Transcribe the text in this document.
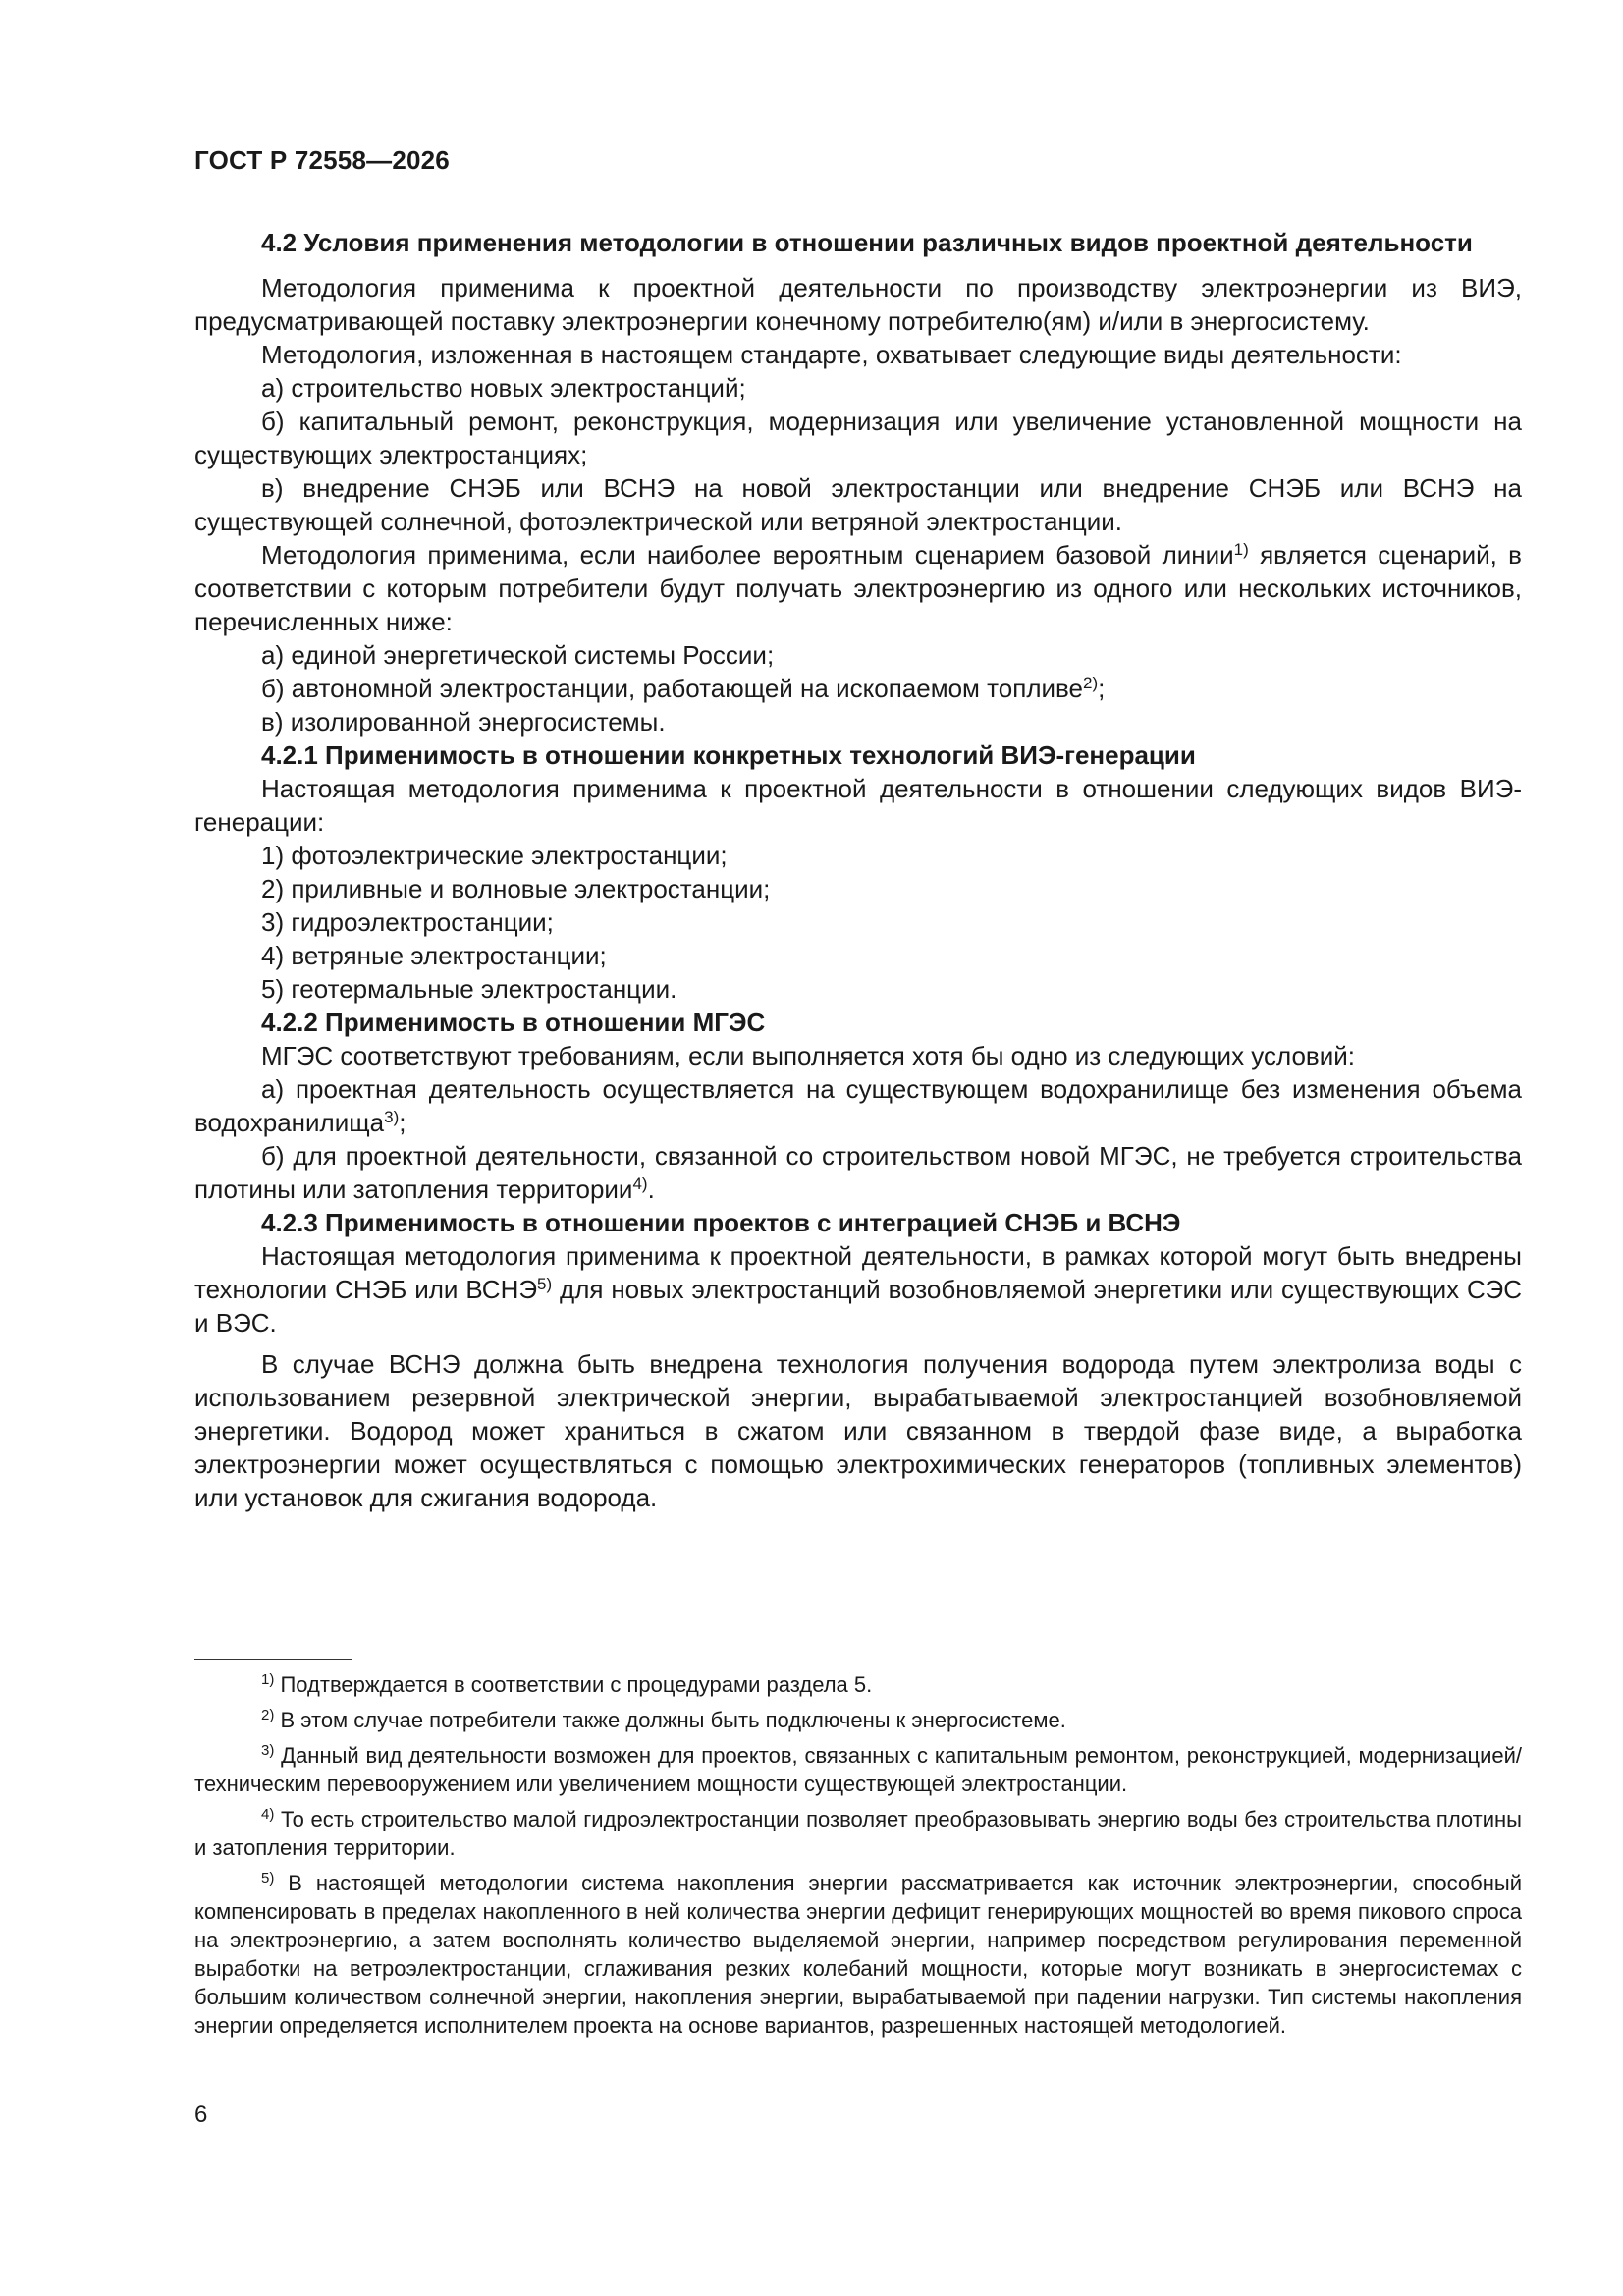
ГОСТ Р 72558—2026
4.2 Условия применения методологии в отношении различных видов проектной деятельности

Методология применима к проектной деятельности по производству электроэнергии из ВИЭ, предусматривающей поставку электроэнергии конечному потребителю(ям) и/или в энергосистему.

Методология, изложенная в настоящем стандарте, охватывает следующие виды деятельности:

а) строительство новых электростанций;

б) капитальный ремонт, реконструкция, модернизация или увеличение установленной мощности на существующих электростанциях;

в) внедрение СНЭБ или ВСНЭ на новой электростанции или внедрение СНЭБ или ВСНЭ на существующей солнечной, фотоэлектрической или ветряной электростанции.

Методология применима, если наиболее вероятным сценарием базовой линии$^{1)}$ является сценарий, в соответствии с которым потребители будут получать электроэнергию из одного или нескольких источников, перечисленных ниже:

а) единой энергетической системы России;

б) автономной электростанции, работающей на ископаемом топливе$^{2)}$;

в) изолированной энергосистемы.

4.2.1 Применимость в отношении конкретных технологий ВИЭ-генерации

Настоящая методология применима к проектной деятельности в отношении следующих видов ВИЭ-генерации:

1) фотоэлектрические электростанции;

2) приливные и волновые электростанции;

3) гидроэлектростанции;

4) ветряные электростанции;

5) геотермальные электростанции.

4.2.2 Применимость в отношении МГЭС

МГЭС соответствуют требованиям, если выполняется хотя бы одно из следующих условий:

а) проектная деятельность осуществляется на существующем водохранилище без изменения объема водохранилища$^{3)}$;

б) для проектной деятельности, связанной со строительством новой МГЭС, не требуется строительства плотины или затопления территории$^{4)}$.

4.2.3 Применимость в отношении проектов с интеграцией СНЭБ и ВСНЭ

Настоящая методология применима к проектной деятельности, в рамках которой могут быть внедрены технологии СНЭБ или ВСНЭ$^{5)}$ для новых электростанций возобновляемой энергетики или существующих СЭС и ВЭС.

В случае ВСНЭ должна быть внедрена технология получения водорода путем электролиза воды с использованием резервной электрической энергии, вырабатываемой электростанцией возобновляемой энергетики. Водород может храниться в сжатом или связанном в твердой фазе виде, а выработка электроэнергии может осуществляться с помощью электрохимических генераторов (топливных элементов) или установок для сжигания водорода.

$^{1)}$ Подтверждается в соответствии с процедурами раздела 5.

$^{2)}$ В этом случае потребители также должны быть подключены к энергосистеме.

$^{3)}$ Данный вид деятельности возможен для проектов, связанных с капитальным ремонтом, реконструкцией, модернизацией/техническим перевооружением или увеличением мощности существующей электростанции.

$^{4)}$ То есть строительство малой гидроэлектростанции позволяет преобразовывать энергию воды без строительства плотины и затопления территории.

$^{5)}$ В настоящей методологии система накопления энергии рассматривается как источник электроэнергии, способный компенсировать в пределах накопленного в ней количества энергии дефицит генерирующих мощностей во время пикового спроса на электроэнергию, а затем восполнять количество выделяемой энергии, например посредством регулирования переменной выработки на ветроэлектростанции, сглаживания резких колебаний мощности, которые могут возникать в энергосистемах с большим количеством солнечной энергии, накопления энергии, вырабатываемой при падении нагрузки. Тип системы накопления энергии определяется исполнителем проекта на основе вариантов, разрешенных настоящей методологией.

6
